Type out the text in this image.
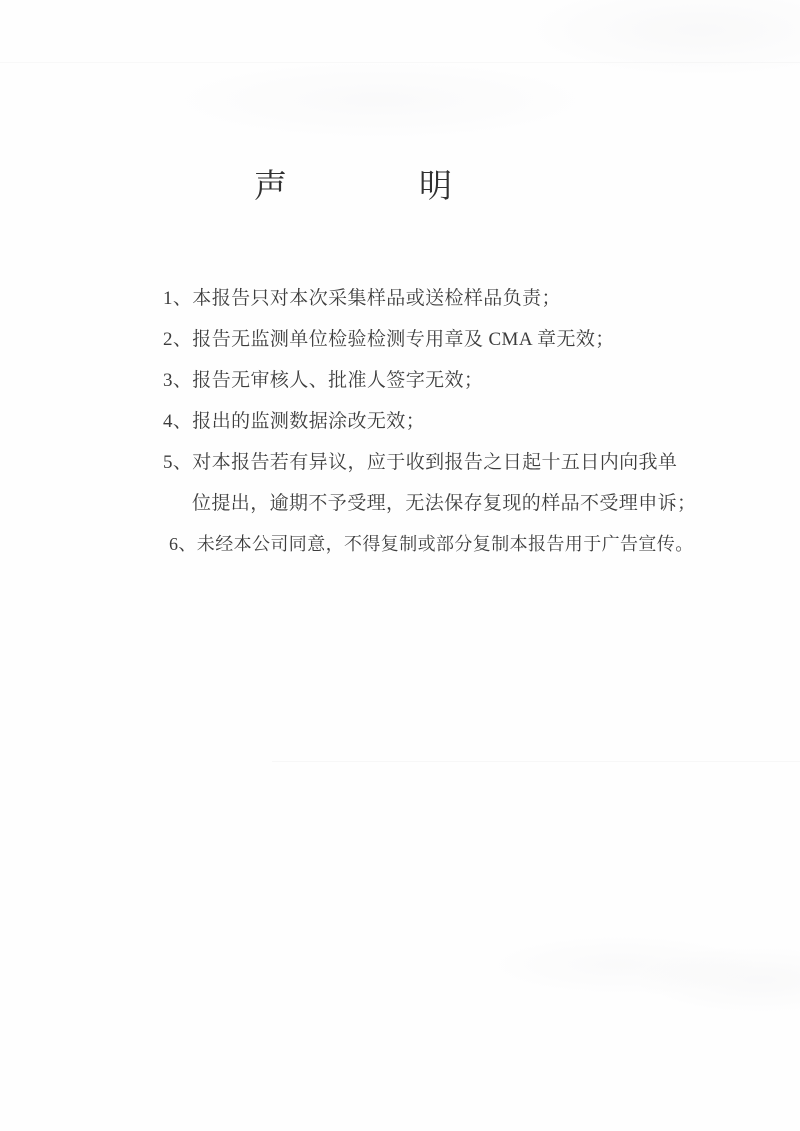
声	明
1、本报告只对本次采集样品或送检样品负责；
2、报告无监测单位检验检测专用章及 CMA 章无效；
3、报告无审核人、批准人签字无效；
4、报出的监测数据涂改无效；
5、对本报告若有异议，应于收到报告之日起十五日内向我单
位提出，逾期不予受理，无法保存复现的样品不受理申诉；
6、未经本公司同意，不得复制或部分复制本报告用于广告宣传。
